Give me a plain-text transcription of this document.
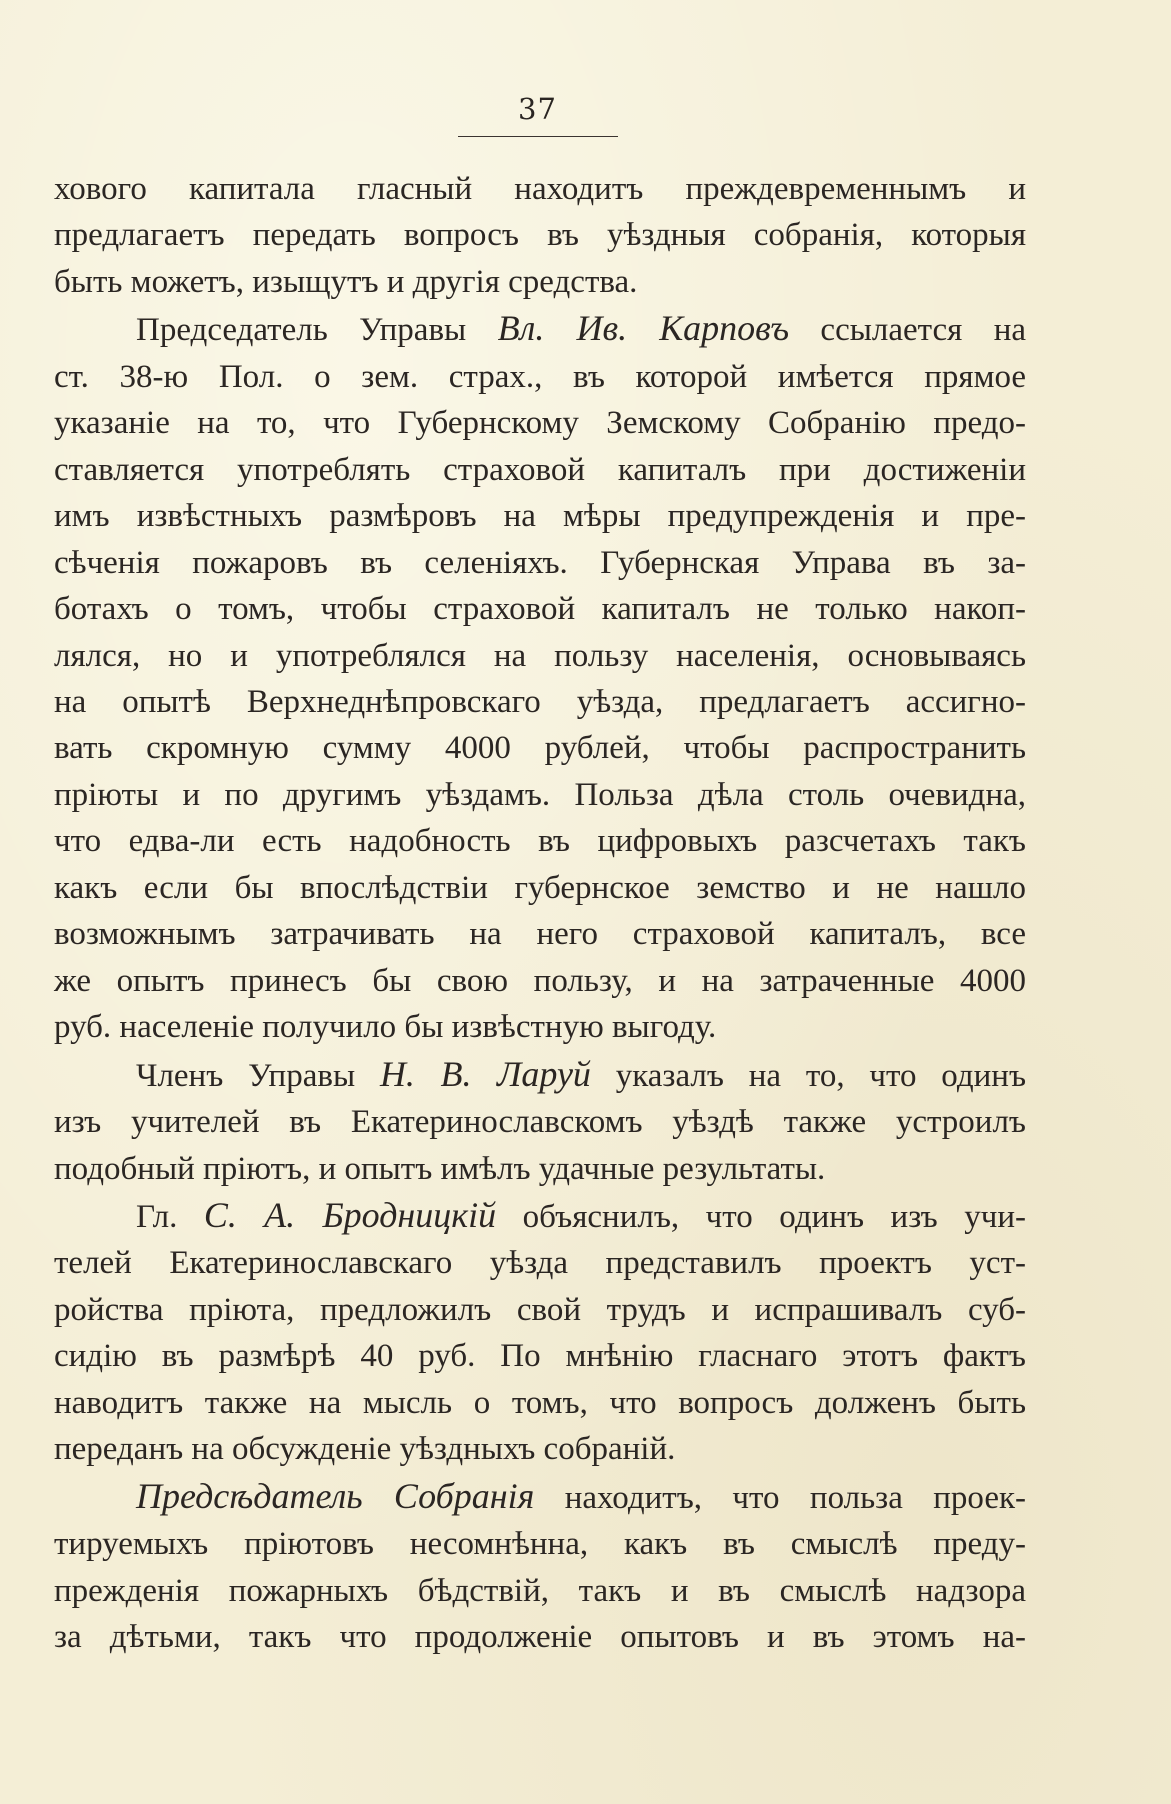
37

хового капитала гласный находитъ преждевременнымъ и

предлагаетъ передать вопросъ въ уѣздныя собранія, которыя

быть можетъ, изыщутъ и другія средства.

Председатель Управы Вл. Ив. Карповъ ссылается на

ст. 38-ю Пол. о зем. страх., въ которой имѣется прямое

указаніе на то, что Губернскому Земскому Собранію предо-

ставляется употреблять страховой капиталъ при достиженіи

имъ извѣстныхъ размѣровъ на мѣры предупрежденія и пре-

сѣченія пожаровъ въ селеніяхъ. Губернская Управа въ за-

ботахъ о томъ, чтобы страховой капиталъ не только накоп-

лялся, но и употреблялся на пользу населенія, основываясь

на опытѣ Верхнеднѣпровскаго уѣзда, предлагаетъ ассигно-

вать скромную сумму 4000 рублей, чтобы распространить

пріюты и по другимъ уѣздамъ. Польза дѣла столь очевидна,

что едва-ли есть надобность въ цифровыхъ разсчетахъ такъ

какъ если бы впослѣдствіи губернское земство и не нашло

возможнымъ затрачивать на него страховой капиталъ, все

же опытъ принесъ бы свою пользу, и на затраченные 4000

руб. населеніе получило бы извѣстную выгоду.

Членъ Управы Н. В. Ларуй указалъ на то, что одинъ

изъ учителей въ Екатеринославскомъ уѣздѣ также устроилъ

подобный пріютъ, и опытъ имѣлъ удачные результаты.

Гл. С. А. Бродницкій объяснилъ, что одинъ изъ учи-

телей Екатеринославскаго уѣзда представилъ проектъ уст-

ройства пріюта, предложилъ свой трудъ и испрашивалъ суб-

сидію въ размѣрѣ 40 руб. По мнѣнію гласнаго этотъ фактъ

наводитъ также на мысль о томъ, что вопросъ долженъ быть

переданъ на обсужденіе уѣздныхъ собраній.

Предсѣдатель Собранія находитъ, что польза проек-

тируемыхъ пріютовъ несомнѣнна, какъ въ смыслѣ преду-

прежденія пожарныхъ бѣдствій, такъ и въ смыслѣ надзора

за дѣтьми, такъ что продолженіе опытовъ и въ этомъ на-
